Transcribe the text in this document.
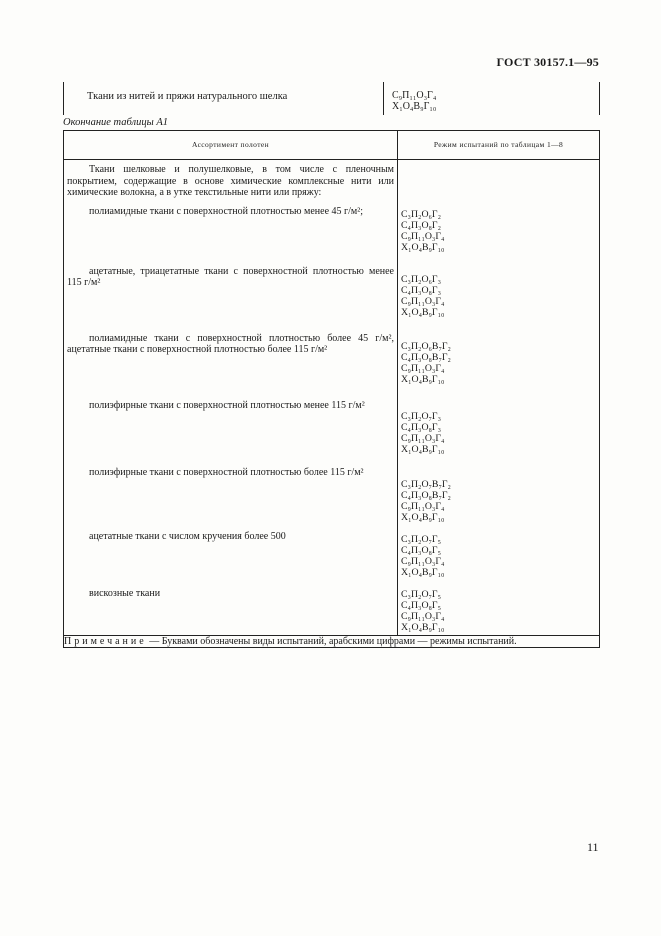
ГОСТ 30157.1—95
Ткани из нитей и пряжи натурального шелка	С₉П₁₁О₃Г₄
Х₁О₄В₉Г₁₀
Окончание таблицы А1
Ассортимент полотен	Режим испытаний по таблицам 1—8

Ткани шелковые и полушелковые, в том числе с пленочным покрытием, содержащие в основе химические комплексные нити или химические волокна, а в утке текстильные нити или пряжу:	

полиамидные ткани с поверхностной плотностью менее 45 г/м²;	С₃П₂О₆Г₂
С₄П₃О₈Г₂
С₉П₁₁О₃Г₄
Х₁О₄В₉Г₁₀

ацетатные, триацетатные ткани с поверхностной плотностью менее 115 г/м²	С₃П₂О₆Г₃
С₄П₃О₈Г₃
С₉П₁₁О₃Г₄
Х₁О₄В₉Г₁₀

полиамидные ткани с поверхностной плотностью более 45 г/м², ацетатные ткани с поверхностной плотностью более 115 г/м²	С₃П₂О₆В₇Г₂
С₄П₃О₈В₇Г₂
С₉П₁₁О₃Г₄
Х₁О₄В₉Г₁₀

полиэфирные ткани с поверхностной плотностью менее 115 г/м²	С₃П₂О₇Г₃
С₄П₃О₈Г₃
С₉П₁₁О₃Г₄
Х₁О₄В₉Г₁₀

полиэфирные ткани с поверхностной плотностью более 115 г/м²	С₃П₂О₇В₇Г₂
С₄П₃О₈В₇Г₂
С₉П₁₁О₃Г₄
Х₁О₄В₉Г₁₀

ацетатные ткани с числом кручения более 500	С₃П₂О₇Г₅
С₄П₃О₈Г₅
С₉П₁₁О₃Г₄
Х₁О₄В₉Г₁₀

вискозные ткани	С₃П₂О₇Г₅
С₄П₃О₈Г₅
С₉П₁₁О₃Г₄
Х₁О₄В₉Г₁₀

Примечание — Буквами обозначены виды испытаний, арабскими цифрами — режимы испытаний.	
11
